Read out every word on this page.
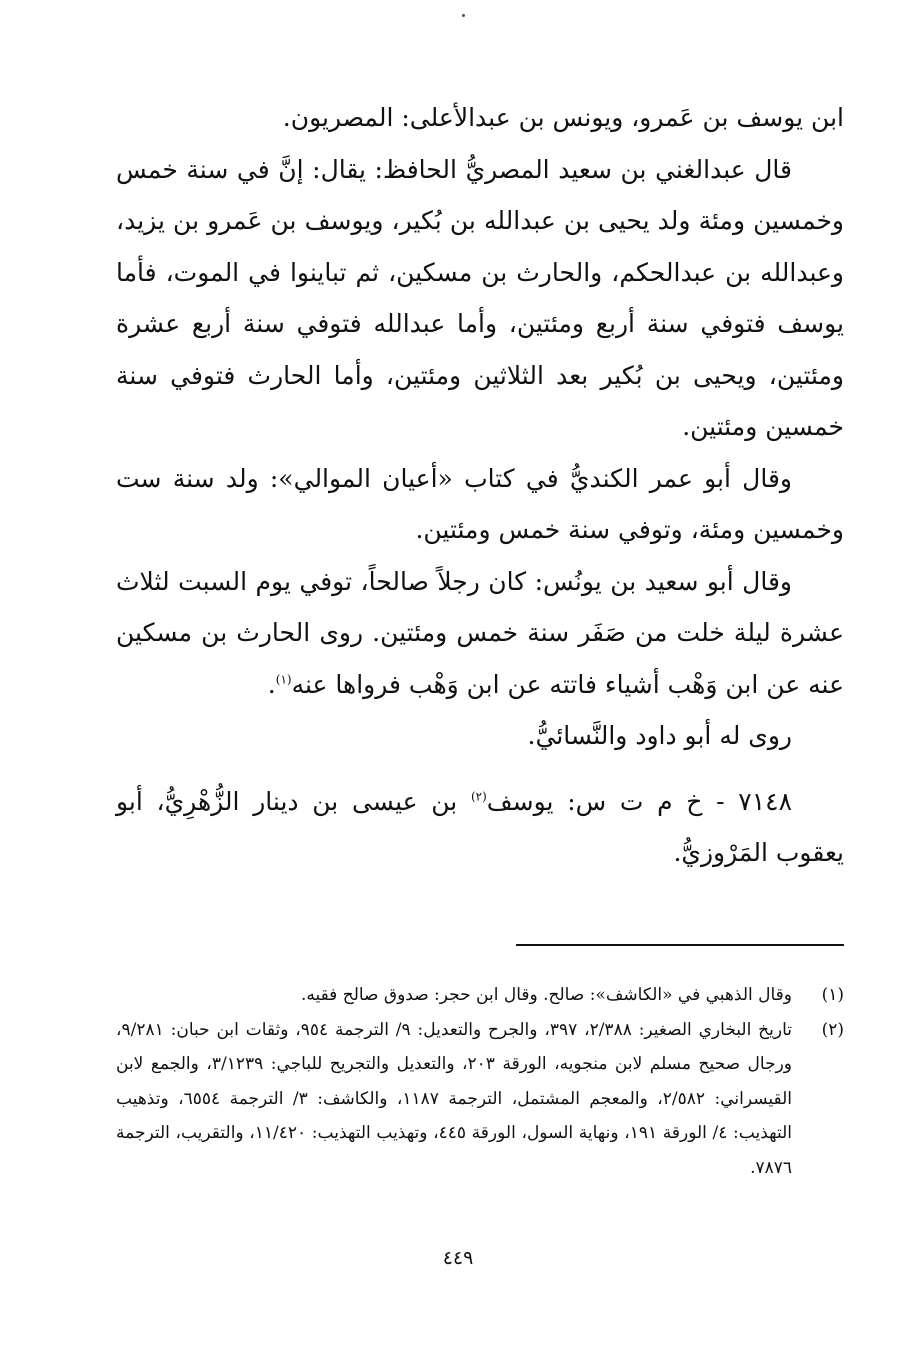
ابن يوسف بن عَمرو، ويونس بن عبدالأعلى: المصريون.

قال عبدالغني بن سعيد المصريُّ الحافظ: يقال: إنَّ في سنة خمس وخمسين ومئة ولد يحيى بن عبدالله بن بُكير، ويوسف بن عَمرو بن يزيد، وعبدالله بن عبدالحكم، والحارث بن مسكين، ثم تباينوا في الموت، فأما يوسف فتوفي سنة أربع ومئتين، وأما عبدالله فتوفي سنة أربع عشرة ومئتين، ويحيى بن بُكير بعد الثلاثين ومئتين، وأما الحارث فتوفي سنة خمسين ومئتين.

وقال أبو عمر الكنديُّ في كتاب «أعيان الموالي»: ولد سنة ست وخمسين ومئة، وتوفي سنة خمس ومئتين.

وقال أبو سعيد بن يونُس: كان رجلاً صالحاً، توفي يوم السبت لثلاث عشرة ليلة خلت من صَفَر سنة خمس ومئتين. روى الحارث بن مسكين عنه عن ابن وَهْب أشياء فاتته عن ابن وَهْب فرواها عنه$^{(١)}$.

روى له أبو داود والنَّسائيُّ.

٧١٤٨ - خ م ت س: يوسف$^{(٢)}$ بن عيسى بن دينار الزُّهْرِيُّ، أبو يعقوب المَرْوزيُّ.

(١)
وقال الذهبي في «الكاشف»: صالح. وقال ابن حجر: صدوق صالح فقيه.
(٢)
تاريخ البخاري الصغير: ٢/٣٨٨، ٣٩٧، والجرح والتعديل: ٩/ الترجمة ٩٥٤، وثقات ابن حبان: ٩/٢٨١، ورجال صحيح مسلم لابن منجويه، الورقة ٢٠٣، والتعديل والتجريح للباجي: ٣/١٢٣٩، والجمع لابن القيسراني: ٢/٥٨٢، والمعجم المشتمل، الترجمة ١١٨٧، والكاشف: ٣/ الترجمة ٦٥٥٤، وتذهيب التهذيب: ٤/ الورقة ١٩١، ونهاية السول، الورقة ٤٤٥، وتهذيب التهذيب: ١١/٤٢٠، والتقريب، الترجمة ٧٨٧٦.
٤٤٩
